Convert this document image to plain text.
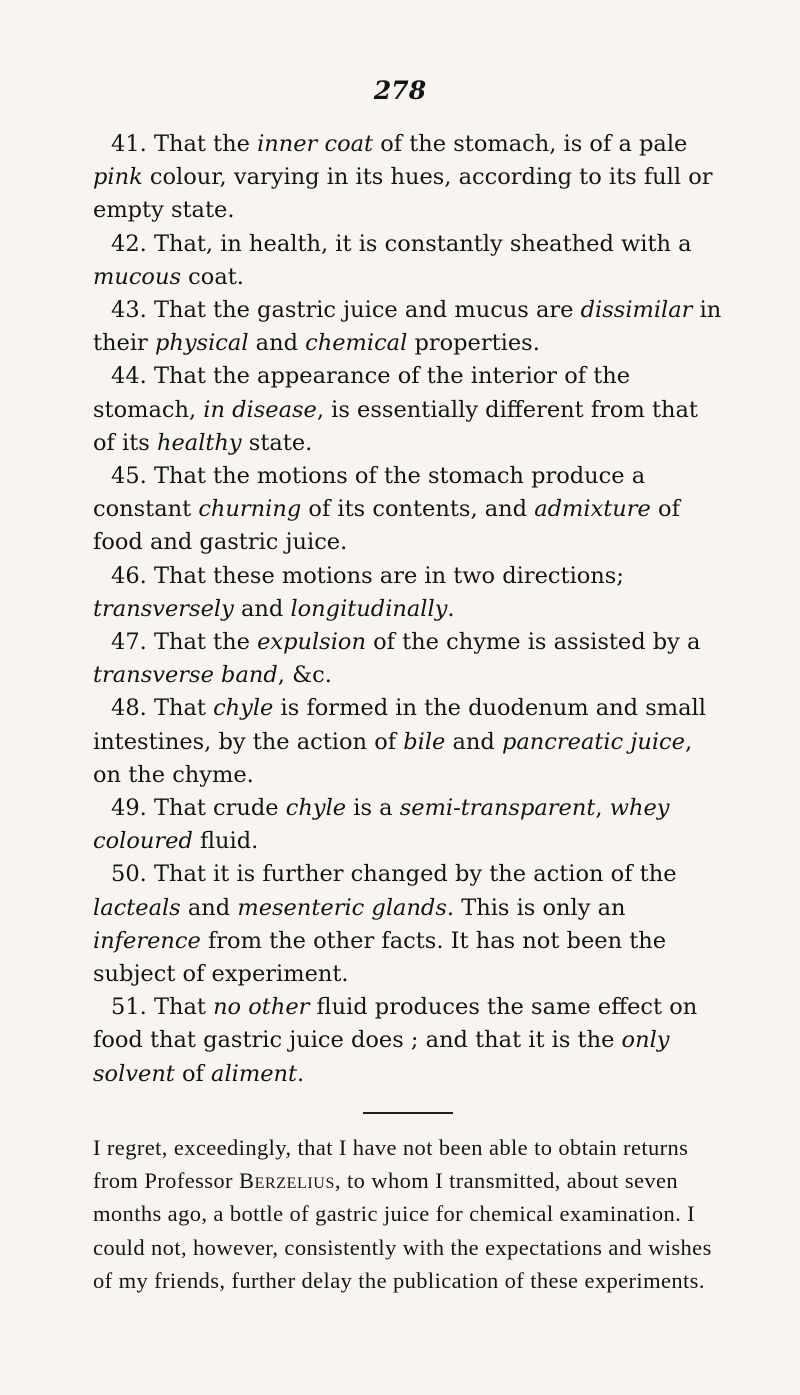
278

41. That the inner coat of the stomach, is of a pale pink colour, varying in its hues, according to its full or empty state.

42. That, in health, it is constantly sheathed with a mucous coat.

43. That the gastric juice and mucus are dissimilar in their physical and chemical properties.

44. That the appearance of the interior of the stomach, in disease, is essentially different from that of its healthy state.

45. That the motions of the stomach produce a constant churning of its contents, and admixture of food and gastric juice.

46. That these motions are in two directions; transversely and longitudinally.

47. That the expulsion of the chyme is assisted by a transverse band, &c.

48. That chyle is formed in the duodenum and small intestines, by the action of bile and pancreatic juice, on the chyme.

49. That crude chyle is a semi-transparent, whey coloured fluid.

50. That it is further changed by the action of the lacteals and mesenteric glands. This is only an inference from the other facts. It has not been the subject of experiment.

51. That no other fluid produces the same effect on food that gastric juice does ; and that it is the only solvent of aliment.

I regret, exceedingly, that I have not been able to obtain returns from Professor Berzelius, to whom I transmitted, about seven months ago, a bottle of gastric juice for chemical examination. I could not, however, consistently with the expectations and wishes of my friends, further delay the publication of these experiments.
